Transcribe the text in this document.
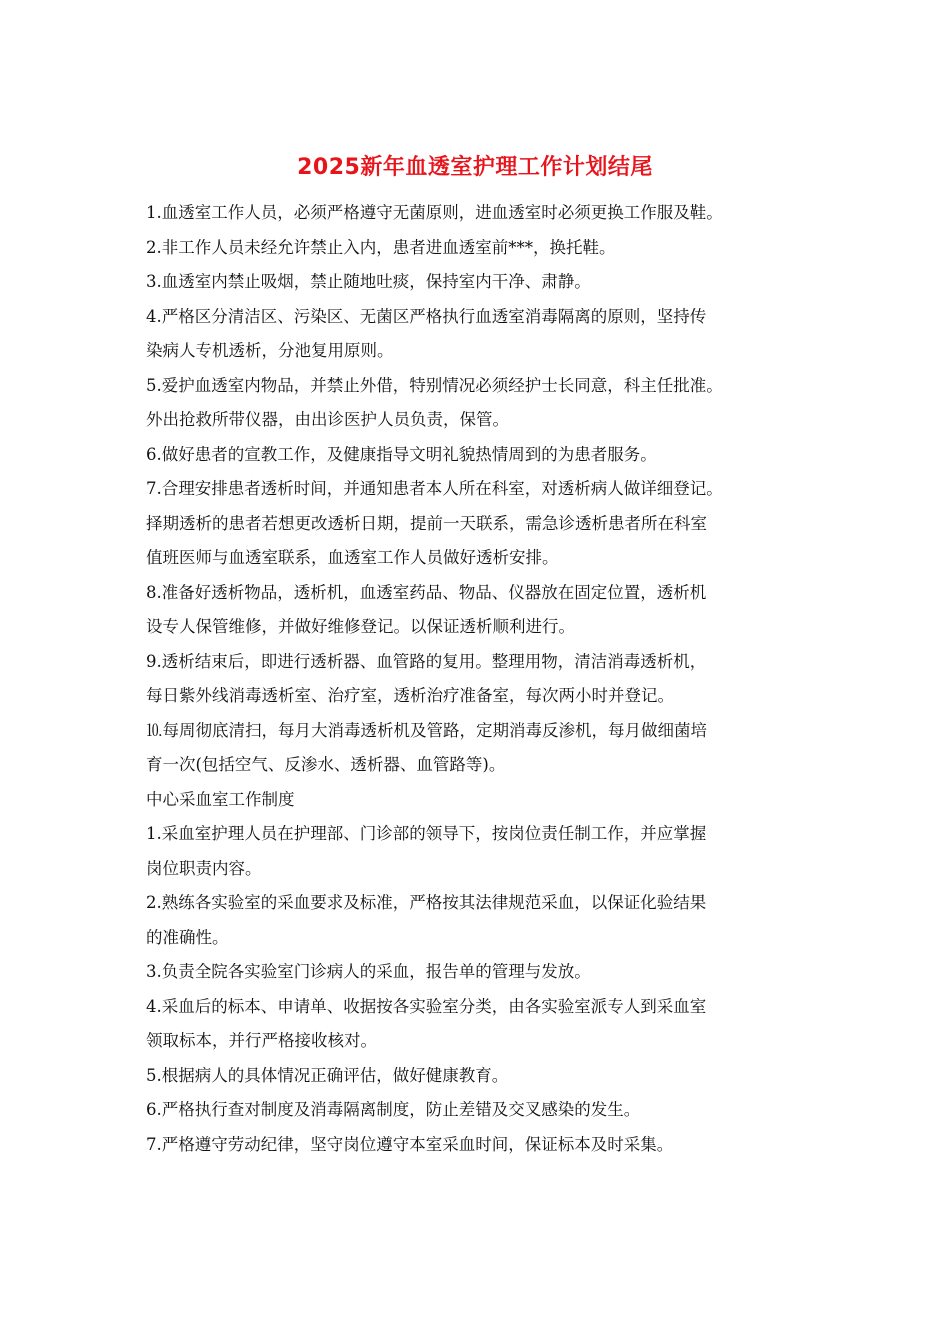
2025新年血透室护理工作计划结尾

1.血透室工作人员，必须严格遵守无菌原则，进血透室时必须更换工作服及鞋。

2.非工作人员未经允许禁止入内，患者进血透室前***，换托鞋。

3.血透室内禁止吸烟，禁止随地吐痰，保持室内干净、肃静。

4.严格区分清洁区、污染区、无菌区严格执行血透室消毒隔离的原则，坚持传
染病人专机透析，分池复用原则。

5.爱护血透室内物品，并禁止外借，特别情况必须经护士长同意，科主任批准。
外出抢救所带仪器，由出诊医护人员负责，保管。

6.做好患者的宣教工作，及健康指导文明礼貌热情周到的为患者服务。

7.合理安排患者透析时间，并通知患者本人所在科室，对透析病人做详细登记。
择期透析的患者若想更改透析日期，提前一天联系，需急诊透析患者所在科室
值班医师与血透室联系，血透室工作人员做好透析安排。

8.准备好透析物品，透析机，血透室药品、物品、仪器放在固定位置，透析机
设专人保管维修，并做好维修登记。以保证透析顺利进行。

9.透析结束后，即进行透析器、血管路的复用。整理用物，清洁消毒透析机，
每日紫外线消毒透析室、治疗室，透析治疗准备室，每次两小时并登记。

⒑每周彻底清扫，每月大消毒透析机及管路，定期消毒反渗机，每月做细菌培
育一次(包括空气、反渗水、透析器、血管路等)。

中心采血室工作制度

1.采血室护理人员在护理部、门诊部的领导下，按岗位责任制工作，并应掌握
岗位职责内容。

2.熟练各实验室的采血要求及标准，严格按其法律规范采血，以保证化验结果
的准确性。

3.负责全院各实验室门诊病人的采血，报告单的管理与发放。

4.采血后的标本、申请单、收据按各实验室分类，由各实验室派专人到采血室
领取标本，并行严格接收核对。

5.根据病人的具体情况正确评估，做好健康教育。

6.严格执行查对制度及消毒隔离制度，防止差错及交叉感染的发生。

7.严格遵守劳动纪律，坚守岗位遵守本室采血时间，保证标本及时采集。
